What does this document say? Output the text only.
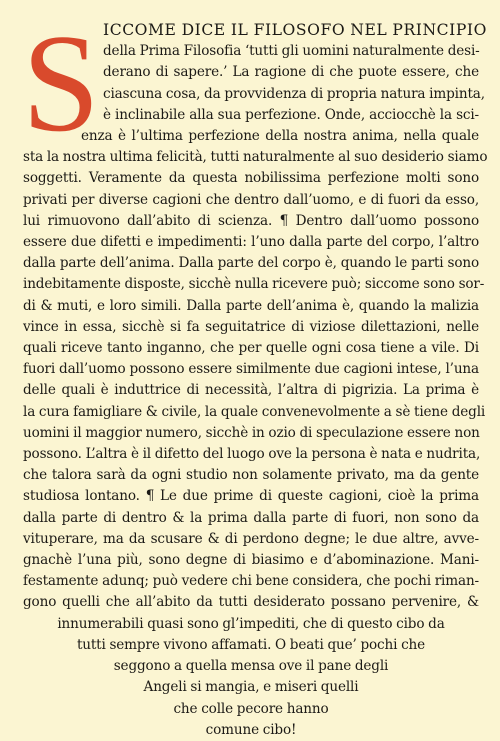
S ICCOME DICE IL FILOSOFO NEL PRINCIPIO
della Prima Filosofia ‘tutti gli uomini naturalmente desi-
derano di sapere.’ La ragione di che puote essere, che
ciascuna cosa, da provvidenza di propria natura impinta,
è inclinabile alla sua perfezione. Onde, acciocchè la sci-
enza è l’ultima perfezione della nostra anima, nella quale
sta la nostra ultima felicità, tutti naturalmente al suo desiderio siamo
soggetti. Veramente da questa nobilissima perfezione molti sono
privati per diverse cagioni che dentro dall’uomo, e di fuori da esso,
lui rimuovono dall’abito di scienza. ¶ Dentro dall’uomo possono
essere due difetti e impedimenti: l’uno dalla parte del corpo, l’altro
dalla parte dell’anima. Dalla parte del corpo è, quando le parti sono
indebitamente disposte, sicchè nulla ricevere può; siccome sono sor-
di & muti, e loro simili. Dalla parte dell’anima è, quando la malizia
vince in essa, sicchè si fa seguitatrice di viziose dilettazioni, nelle
quali riceve tanto inganno, che per quelle ogni cosa tiene a vile. Di
fuori dall’uomo possono essere similmente due cagioni intese, l’una
delle quali è induttrice di necessità, l’altra di pigrizia. La prima è
la cura famigliare & civile, la quale convenevolmente a sè tiene degli
uomini il maggior numero, sicchè in ozio di speculazione essere non
possono. L’altra è il difetto del luogo ove la persona è nata e nudrita,
che talora sarà da ogni studio non solamente privato, ma da gente
studiosa lontano. ¶ Le due prime di queste cagioni, cioè la prima
dalla parte di dentro & la prima dalla parte di fuori, non sono da
vituperare, ma da scusare & di perdono degne; le due altre, avve-
gnachè l’una più, sono degne di biasimo e d’abominazione. Mani-
festamente adunq; può vedere chi bene considera, che pochi riman-
gono quelli che all’abito da tutti desiderato possano pervenire, &
innumerabili quasi sono gl’impediti, che di questo cibo da
tutti sempre vivono affamati. O beati que’ pochi che
seggono a quella mensa ove il pane degli
Angeli si mangia, e miseri quelli
che colle pecore hanno
comune cibo!
